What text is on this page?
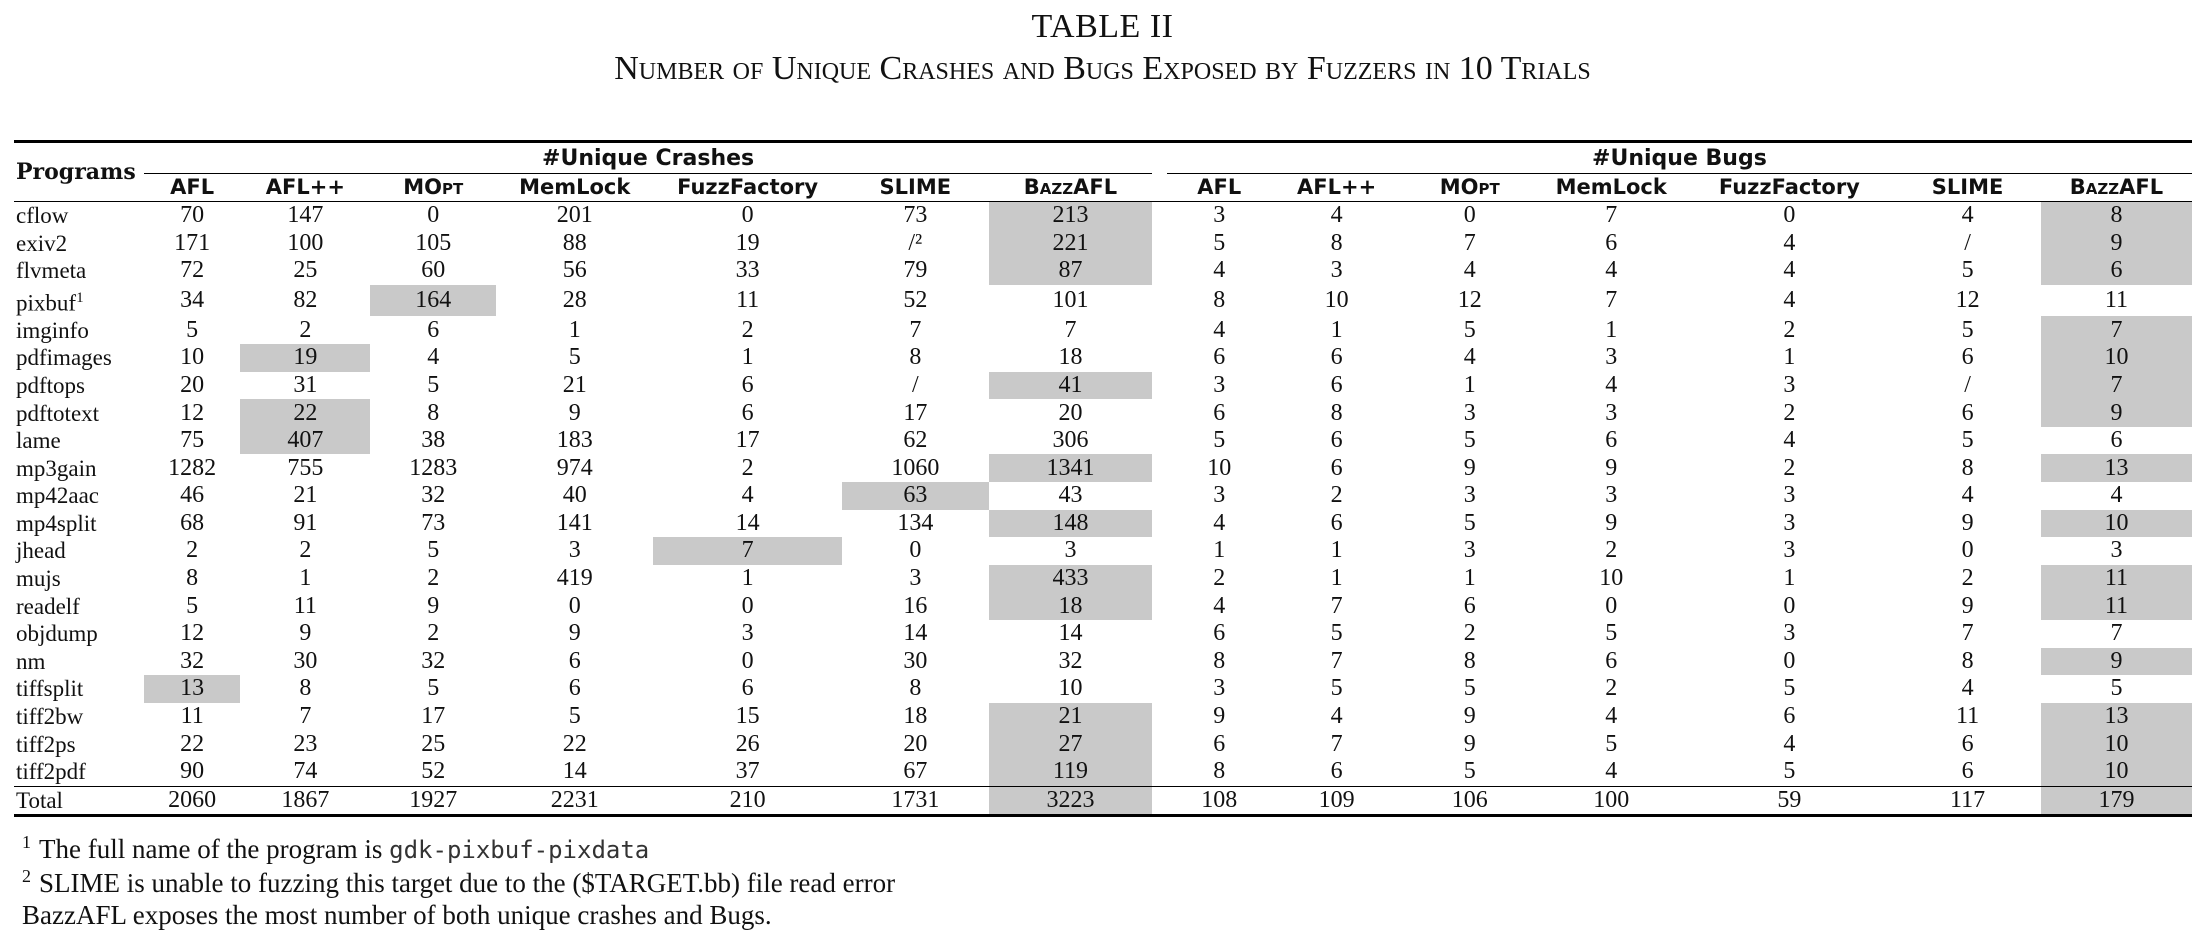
TABLE II
Number of Unique Crashes and Bugs Exposed by Fuzzers in 10 Trials
Programs	#Unique Crashes								#Unique Bugs						
	AFL	AFL++	MOpt	MemLock	FuzzFactory	SLIME	BazzAFL		AFL	AFL++	MOpt	MemLock	FuzzFactory	SLIME	BazzAFL
cflow	70	147	0	201	0	73	213		3	4	0	7	0	4	8
exiv2	171	100	105	88	19	/²	221		5	8	7	6	4	/	9
flvmeta	72	25	60	56	33	79	87		4	3	4	4	4	5	6
pixbuf$^1$	34	82	164	28	11	52	101		8	10	12	7	4	12	11
imginfo	5	2	6	1	2	7	7		4	1	5	1	2	5	7
pdfimages	10	19	4	5	1	8	18		6	6	4	3	1	6	10
pdftops	20	31	5	21	6	/	41		3	6	1	4	3	/	7
pdftotext	12	22	8	9	6	17	20		6	8	3	3	2	6	9
lame	75	407	38	183	17	62	306		5	6	5	6	4	5	6
mp3gain	1282	755	1283	974	2	1060	1341		10	6	9	9	2	8	13
mp42aac	46	21	32	40	4	63	43		3	2	3	3	3	4	4
mp4split	68	91	73	141	14	134	148		4	6	5	9	3	9	10
jhead	2	2	5	3	7	0	3		1	1	3	2	3	0	3
mujs	8	1	2	419	1	3	433		2	1	1	10	1	2	11
readelf	5	11	9	0	0	16	18		4	7	6	0	0	9	11
objdump	12	9	2	9	3	14	14		6	5	2	5	3	7	7
nm	32	30	32	6	0	30	32		8	7	8	6	0	8	9
tiffsplit	13	8	5	6	6	8	10		3	5	5	2	5	4	5
tiff2bw	11	7	17	5	15	18	21		9	4	9	4	6	11	13
tiff2ps	22	23	25	22	26	20	27		6	7	9	5	4	6	10
tiff2pdf	90	74	52	14	37	67	119		8	6	5	4	5	6	10
Total	2060	1867	1927	2231	210	1731	3223		108	109	106	100	59	117	179
$^1$ The full name of the program is gdk-pixbuf-pixdata
$^2$ SLIME is unable to fuzzing this target due to the ($TARGET.bb) file read error
BazzAFL exposes the most number of both unique crashes and Bugs.
